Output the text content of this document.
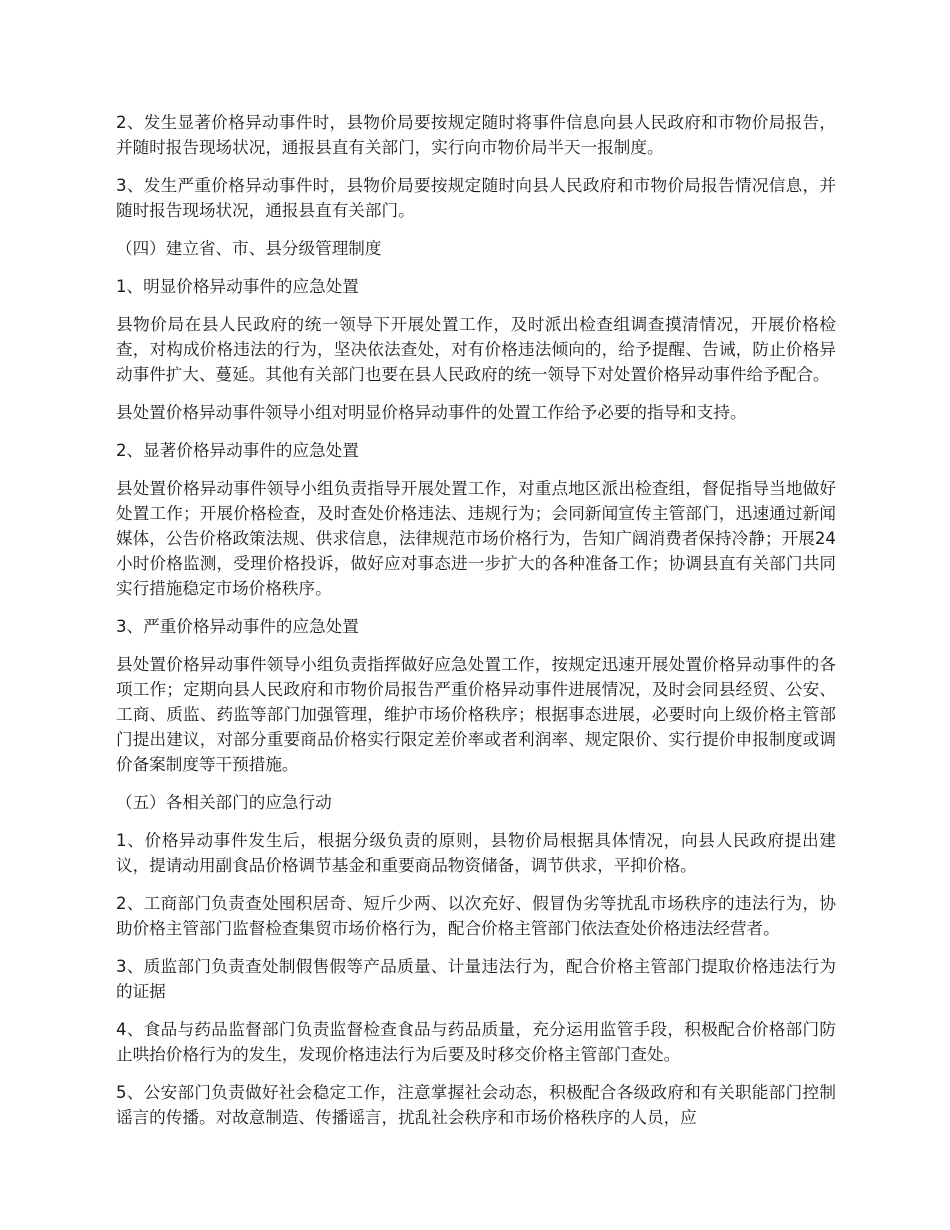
2、发生显著价格异动事件时，县物价局要按规定随时将事件信息向县人民政府和市物价局报告，并随时报告现场状况，通报县直有关部门，实行向市物价局半天一报制度。

3、发生严重价格异动事件时，县物价局要按规定随时向县人民政府和市物价局报告情况信息，并随时报告现场状况，通报县直有关部门。

（四）建立省、市、县分级管理制度

1、明显价格异动事件的应急处置

县物价局在县人民政府的统一领导下开展处置工作，及时派出检查组调查摸清情况，开展价格检查，对构成价格违法的行为，坚决依法查处，对有价格违法倾向的，给予提醒、告诫，防止价格异动事件扩大、蔓延。其他有关部门也要在县人民政府的统一领导下对处置价格异动事件给予配合。

县处置价格异动事件领导小组对明显价格异动事件的处置工作给予必要的指导和支持。

2、显著价格异动事件的应急处置

县处置价格异动事件领导小组负责指导开展处置工作，对重点地区派出检查组，督促指导当地做好处置工作；开展价格检查，及时查处价格违法、违规行为；会同新闻宣传主管部门，迅速通过新闻媒体，公告价格政策法规、供求信息，法律规范市场价格行为，告知广阔消费者保持冷静；开展24小时价格监测，受理价格投诉，做好应对事态进一步扩大的各种准备工作；协调县直有关部门共同实行措施稳定市场价格秩序。

3、严重价格异动事件的应急处置

县处置价格异动事件领导小组负责指挥做好应急处置工作，按规定迅速开展处置价格异动事件的各项工作；定期向县人民政府和市物价局报告严重价格异动事件进展情况，及时会同县经贸、公安、工商、质监、药监等部门加强管理，维护市场价格秩序；根据事态进展，必要时向上级价格主管部门提出建议，对部分重要商品价格实行限定差价率或者利润率、规定限价、实行提价申报制度或调价备案制度等干预措施。

（五）各相关部门的应急行动

1、价格异动事件发生后，根据分级负责的原则，县物价局根据具体情况，向县人民政府提出建议，提请动用副食品价格调节基金和重要商品物资储备，调节供求，平抑价格。

2、工商部门负责查处囤积居奇、短斤少两、以次充好、假冒伪劣等扰乱市场秩序的违法行为，协助价格主管部门监督检查集贸市场价格行为，配合价格主管部门依法查处价格违法经营者。

3、质监部门负责查处制假售假等产品质量、计量违法行为，配合价格主管部门提取价格违法行为的证据

4、食品与药品监督部门负责监督检查食品与药品质量，充分运用监管手段，积极配合价格部门防止哄抬价格行为的发生，发现价格违法行为后要及时移交价格主管部门查处。

5、公安部门负责做好社会稳定工作，注意掌握社会动态，积极配合各级政府和有关职能部门控制谣言的传播。对故意制造、传播谣言，扰乱社会秩序和市场价格秩序的人员，应
